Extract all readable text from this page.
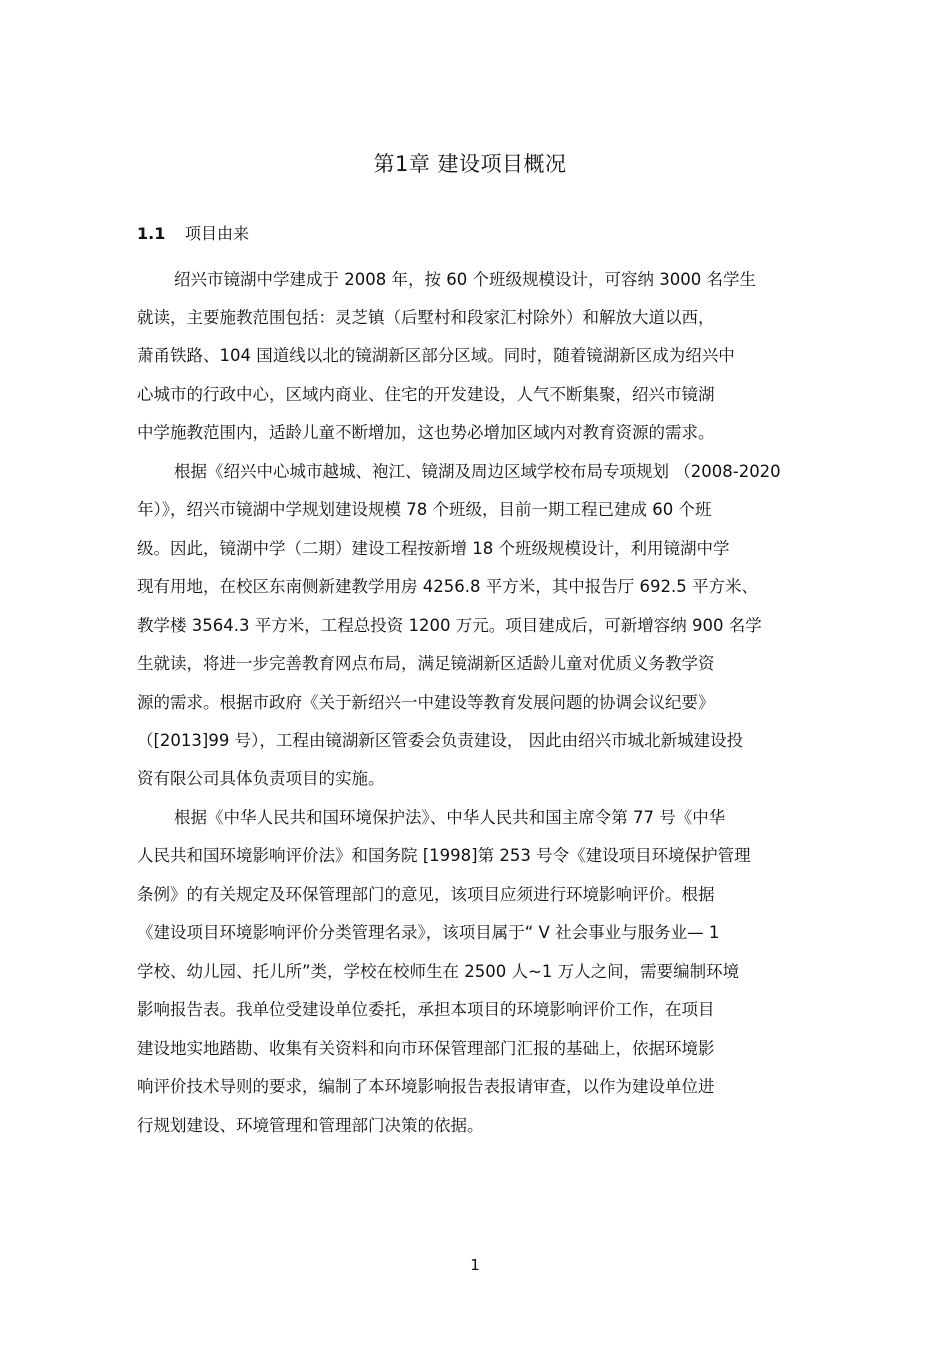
第1章 建设项目概况
1.1 项目由来
绍兴市镜湖中学建成于 2008 年，按 60 个班级规模设计，可容纳 3000 名学生
就读，主要施教范围包括：灵芝镇（后墅村和段家汇村除外）和解放大道以西，
萧甬铁路、104 国道线以北的镜湖新区部分区域。同时，随着镜湖新区成为绍兴中
心城市的行政中心，区域内商业、住宅的开发建设，人气不断集聚，绍兴市镜湖
中学施教范围内，适龄儿童不断增加，这也势必增加区域内对教育资源的需求。
根据《绍兴中心城市越城、袍江、镜湖及周边区域学校布局专项规划 （2008-2020
年）》，绍兴市镜湖中学规划建设规模 78 个班级，目前一期工程已建成 60 个班
级。因此，镜湖中学（二期）建设工程按新增 18 个班级规模设计，利用镜湖中学
现有用地，在校区东南侧新建教学用房 4256.8 平方米，其中报告厅 692.5 平方米、
教学楼 3564.3 平方米，工程总投资 1200 万元。项目建成后，可新增容纳 900 名学
生就读，将进一步完善教育网点布局，满足镜湖新区适龄儿童对优质义务教学资
源的需求。根据市政府《关于新绍兴一中建设等教育发展问题的协调会议纪要》
（[2013]99 号），工程由镜湖新区管委会负责建设， 因此由绍兴市城北新城建设投
资有限公司具体负责项目的实施。
根据《中华人民共和国环境保护法》、中华人民共和国主席令第 77 号《中华
人民共和国环境影响评价法》和国务院 [1998]第 253 号令《建设项目环境保护管理
条例》的有关规定及环保管理部门的意见，该项目应须进行环境影响评价。根据
《建设项目环境影响评价分类管理名录》，该项目属于“ V 社会事业与服务业— 1
学校、幼儿园、托儿所”类，学校在校师生在 2500 人~1 万人之间，需要编制环境
影响报告表。我单位受建设单位委托，承担本项目的环境影响评价工作，在项目
建设地实地踏勘、收集有关资料和向市环保管理部门汇报的基础上，依据环境影
响评价技术导则的要求，编制了本环境影响报告表报请审查，以作为建设单位进
行规划建设、环境管理和管理部门决策的依据。
1
